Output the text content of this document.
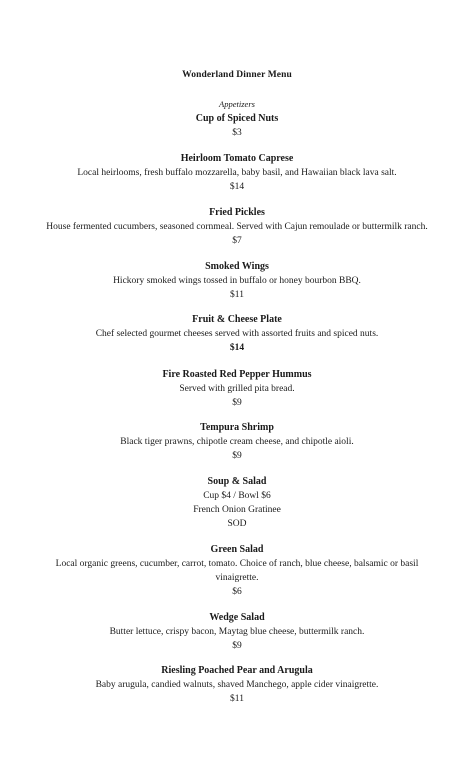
Wonderland Dinner Menu
Appetizers
Cup of Spiced Nuts
$3
Heirloom Tomato Caprese
Local heirlooms, fresh buffalo mozzarella, baby basil, and Hawaiian black lava salt.
$14
Fried Pickles
House fermented cucumbers, seasoned cornmeal. Served with Cajun remoulade or buttermilk ranch.
$7
Smoked Wings
Hickory smoked wings tossed in buffalo or honey bourbon BBQ.
$11
Fruit & Cheese Plate
Chef selected gourmet cheeses served with assorted fruits and spiced nuts.
$14
Fire Roasted Red Pepper Hummus
Served with grilled pita bread.
$9
Tempura Shrimp
Black tiger prawns, chipotle cream cheese, and chipotle aioli.
$9
Soup & Salad
Cup $4 / Bowl $6
French Onion Gratinee
SOD
Green Salad
Local organic greens, cucumber, carrot, tomato. Choice of ranch, blue cheese, balsamic or basil vinaigrette.
$6
Wedge Salad
Butter lettuce, crispy bacon, Maytag blue cheese, buttermilk ranch.
$9
Riesling Poached Pear and Arugula
Baby arugula, candied walnuts, shaved Manchego, apple cider vinaigrette.
$11
